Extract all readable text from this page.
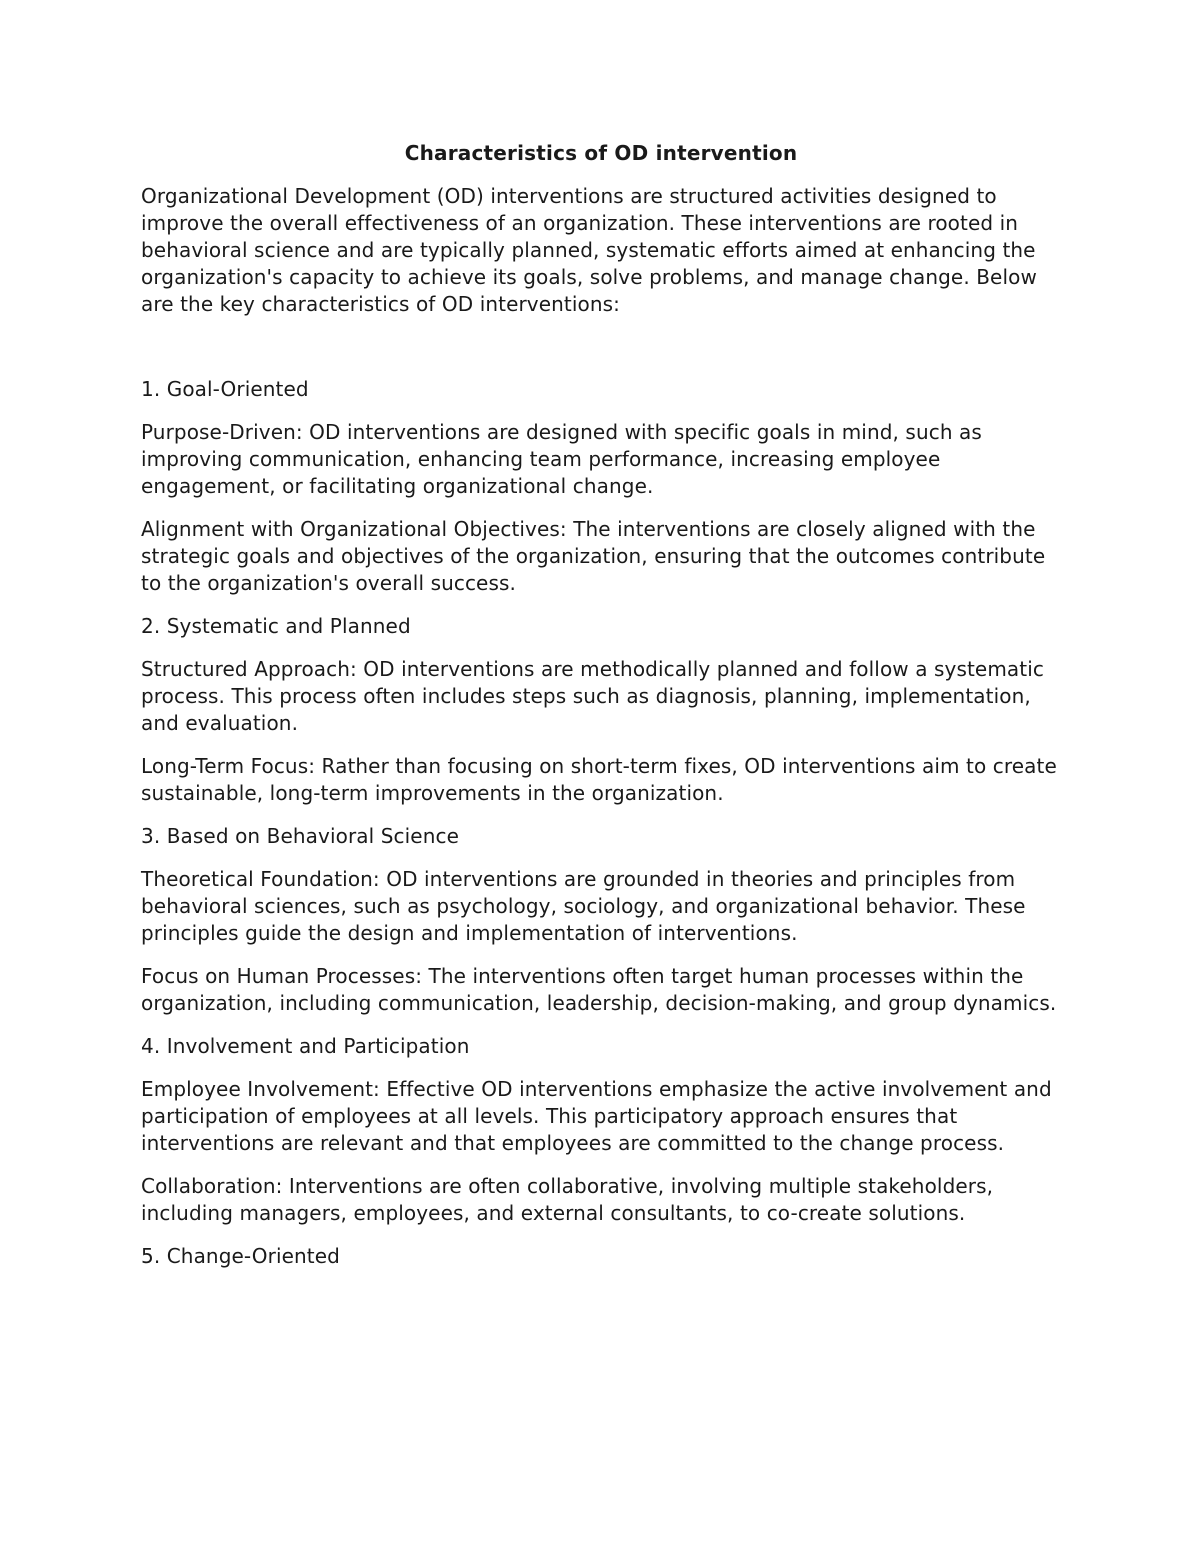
Characteristics of OD intervention

Organizational Development (OD) interventions are structured activities designed to improve the overall effectiveness of an organization. These interventions are rooted in behavioral science and are typically planned, systematic efforts aimed at enhancing the organization's capacity to achieve its goals, solve problems, and manage change. Below are the key characteristics of OD interventions:

1. Goal-Oriented

Purpose-Driven: OD interventions are designed with specific goals in mind, such as improving communication, enhancing team performance, increasing employee engagement, or facilitating organizational change.

Alignment with Organizational Objectives: The interventions are closely aligned with the strategic goals and objectives of the organization, ensuring that the outcomes contribute to the organization's overall success.

2. Systematic and Planned

Structured Approach: OD interventions are methodically planned and follow a systematic process. This process often includes steps such as diagnosis, planning, implementation, and evaluation.

Long-Term Focus: Rather than focusing on short-term fixes, OD interventions aim to create sustainable, long-term improvements in the organization.

3. Based on Behavioral Science

Theoretical Foundation: OD interventions are grounded in theories and principles from behavioral sciences, such as psychology, sociology, and organizational behavior. These principles guide the design and implementation of interventions.

Focus on Human Processes: The interventions often target human processes within the organization, including communication, leadership, decision-making, and group dynamics.

4. Involvement and Participation

Employee Involvement: Effective OD interventions emphasize the active involvement and participation of employees at all levels. This participatory approach ensures that interventions are relevant and that employees are committed to the change process.

Collaboration: Interventions are often collaborative, involving multiple stakeholders, including managers, employees, and external consultants, to co-create solutions.

5. Change-Oriented
